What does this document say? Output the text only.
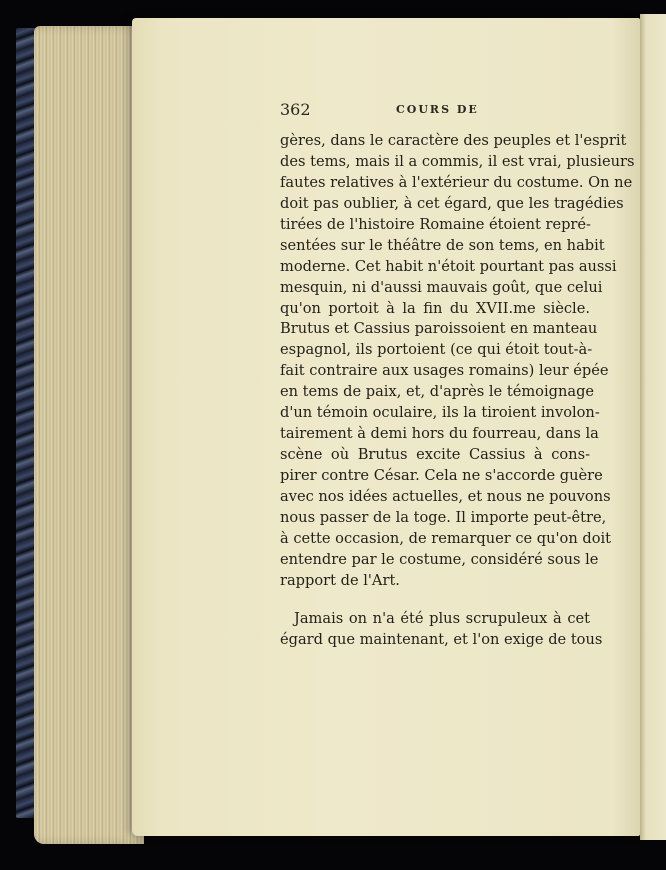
362	COURS DE
gères, dans le caractère des peuples et l'esprit
des tems, mais il a commis, il est vrai, plusieurs
fautes relatives à l'extérieur du costume. On ne
doit pas oublier, à cet égard, que les tragédies
tirées de l'histoire Romaine étoient repré-
sentées sur le théâtre de son tems, en habit
moderne. Cet habit n'étoit pourtant pas aussi
mesquin, ni d'aussi mauvais goût, que celui
qu'on portoit à la fin du XVII.me siècle.
Brutus et Cassius paroissoient en manteau
espagnol, ils portoient (ce qui étoit tout-à-
fait contraire aux usages romains) leur épée
en tems de paix, et, d'après le témoignage
d'un témoin oculaire, ils la tiroient involon-
tairement à demi hors du fourreau, dans la
scène où Brutus excite Cassius à cons-
pirer contre César. Cela ne s'accorde guère
avec nos idées actuelles, et nous ne pouvons
nous passer de la toge. Il importe peut-être,
à cette occasion, de remarquer ce qu'on doit
entendre par le costume, considéré sous le
rapport de l'Art.
Jamais on n'a été plus scrupuleux à cet
égard que maintenant, et l'on exige de tous
